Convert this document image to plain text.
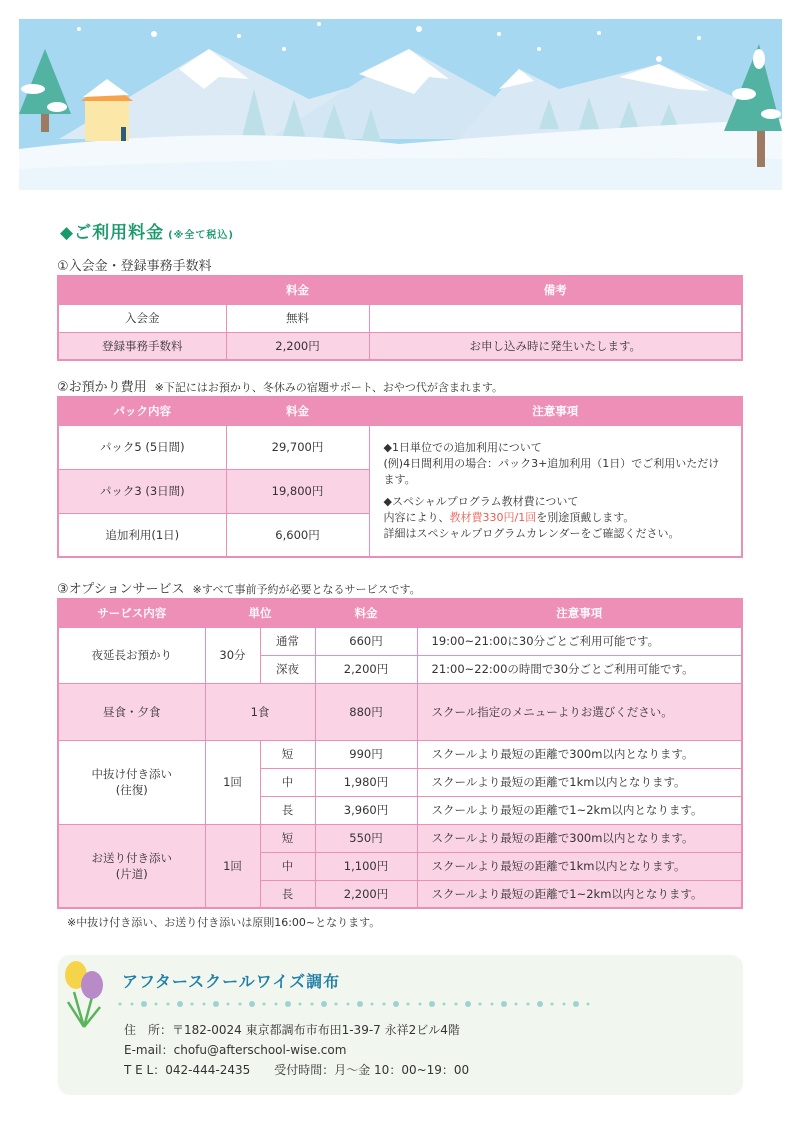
◆ご利用料金 (※全て税込)
①入会金・登録事務手数料
	料金	備考
入会金	無料	
登録事務手数料	2,200円	お申し込み時に発生いたします。
②お預かり費用 ※下記にはお預かり、冬休みの宿題サポート、おやつ代が含まれます。
パック内容	料金	注意事項
パック5 (5日間)	29,700円	◆1日単位での追加利用について
(例)4日間利用の場合：パック3+追加利用（1日）でご利用いただけます。

◆スペシャルプログラム教材費について
内容により、教材費330円/1回を別途頂戴します。
詳細はスペシャルプログラムカレンダーをご確認ください。

パック3 (3日間)	19,800円	
追加利用(1日)	6,600円	
③オプションサービス ※すべて事前予約が必要となるサービスです。
サービス内容	単位		料金	注意事項
夜延長お預かり	30分	通常	660円	19:00~21:00に30分ごとご利用可能です。
		深夜	2,200円	21:00~22:00の時間で30分ごとご利用可能です。
昼食・夕食	1食		880円	スクール指定のメニューよりお選びください。
中抜け付き添い
(往復)	1回	短	990円	スクールより最短の距離で300m以内となります。
		中	1,980円	スクールより最短の距離で1km以内となります。
		長	3,960円	スクールより最短の距離で1~2km以内となります。
お送り付き添い
(片道)	1回	短	550円	スクールより最短の距離で300m以内となります。
		中	1,100円	スクールより最短の距離で1km以内となります。
		長	2,200円	スクールより最短の距離で1~2km以内となります。
※中抜け付き添い、お送り付き添いは原則16:00~となります。
アフタースクールワイズ調布
住　所：〒182-0024 東京都調布市布田1-39-7 永祥2ビル4階
E-mail：chofu@afterschool-wise.com
T E L：042-444-2435　　受付時間：月～金 10：00~19：00
